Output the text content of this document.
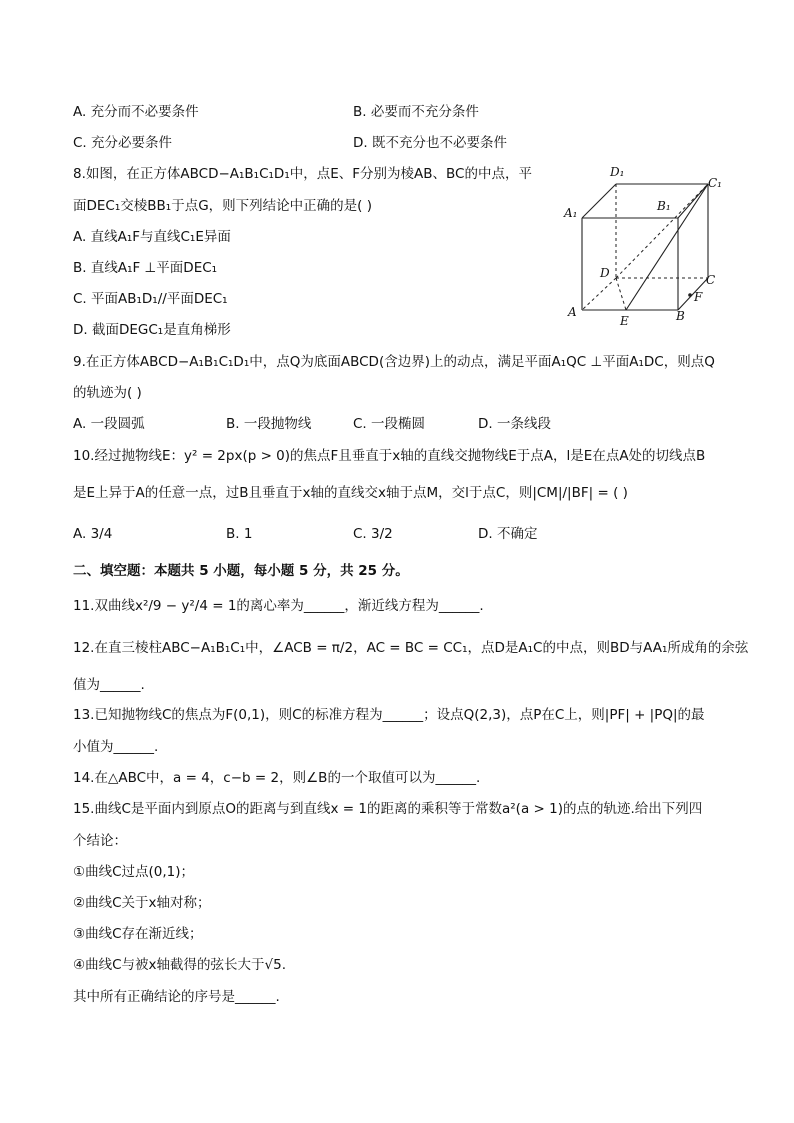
A. 充分而不必要条件	B. 必要而不充分条件
C. 充分必要条件	D. 既不充分也不必要条件
8.如图，在正方体ABCD−A₁B₁C₁D₁中，点E、F分别为棱AB、BC的中点，平
面DEC₁交棱BB₁于点G，则下列结论中正确的是( )
A. 直线A₁F与直线C₁E异面
B. 直线A₁F ⊥平面DEC₁
C. 平面AB₁D₁//平面DEC₁
D. 截面DEGC₁是直角梯形
D₁
C₁
A₁	B₁
D	C
A	B
E
F
9.在正方体ABCD−A₁B₁C₁D₁中，点Q为底面ABCD(含边界)上的动点，满足平面A₁QC ⊥平面A₁DC，则点Q
的轨迹为( )
A. 一段圆弧	B. 一段抛物线	C. 一段椭圆	D. 一条线段
10.经过抛物线E：y² = 2px(p > 0)的焦点F且垂直于x轴的直线交抛物线E于点A，l是E在点A处的切线点B
是E上异于A的任意一点，过B且垂直于x轴的直线交x轴于点M，交l于点C，则|CM|/|BF| = ( )
A. 3/4	B. 1	C. 3/2	D. 不确定
二、填空题：本题共 5 小题，每小题 5 分，共 25 分。
11.双曲线x²/9 − y²/4 = 1的离心率为______，渐近线方程为______.
12.在直三棱柱ABC−A₁B₁C₁中，∠ACB = π/2，AC = BC = CC₁，点D是A₁C的中点，则BD与AA₁所成角的余弦
值为______.
13.已知抛物线C的焦点为F(0,1)，则C的标准方程为______；设点Q(2,3)，点P在C上，则|PF| + |PQ|的最
小值为______.
14.在△ABC中，a = 4，c−b = 2，则∠B的一个取值可以为______.
15.曲线C是平面内到原点O的距离与到直线x = 1的距离的乘积等于常数a²(a > 1)的点的轨迹.给出下列四
个结论：
①曲线C过点(0,1)；
②曲线C关于x轴对称；
③曲线C存在渐近线；
④曲线C与被x轴截得的弦长大于√5.
其中所有正确结论的序号是______.
